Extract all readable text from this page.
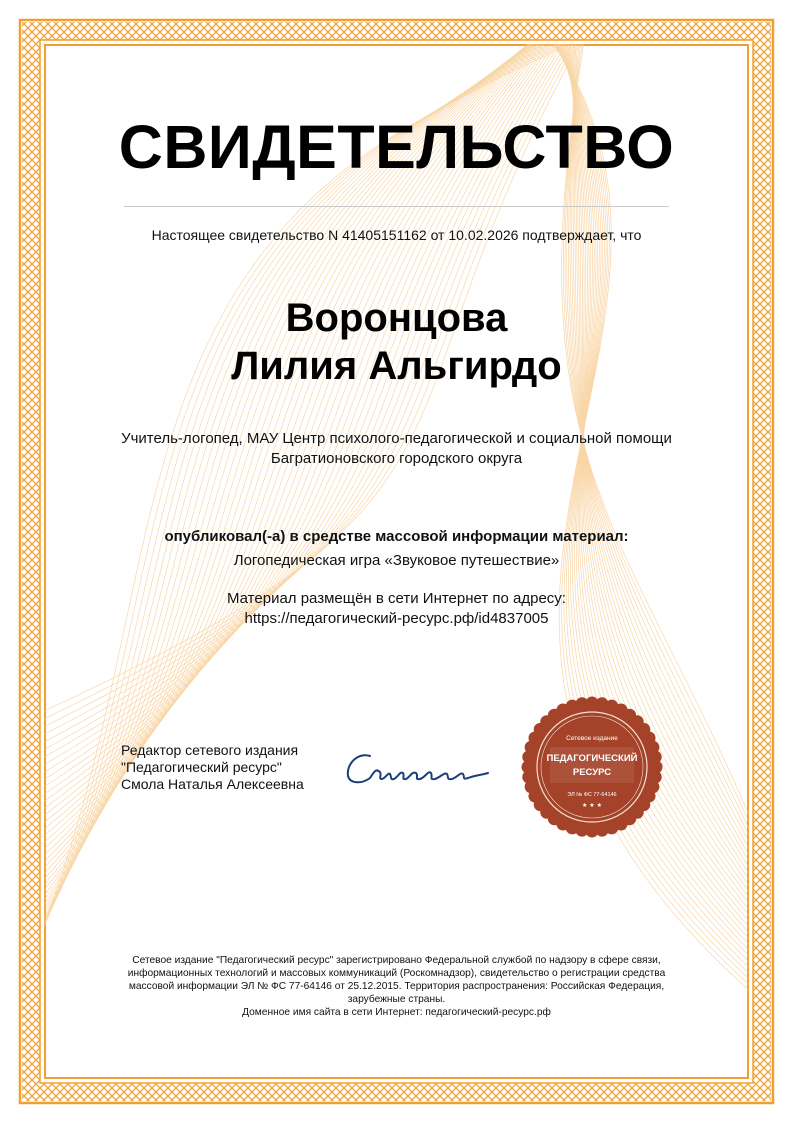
СВИДЕТЕЛЬСТВО
Настоящее свидетельство N 41405151162 от 10.02.2026 подтверждает, что
Воронцова
Лилия Альгирдо
Учитель-логопед, МАУ Центр психолого-педагогической и социальной помощи Багратионовского городского округа
опубликовал(-а) в средстве массовой информации материал:
Логопедическая игра «Звуковое путешествие»
Материал размещён в сети Интернет по адресу:
https://педагогический-ресурс.рф/id4837005
Редактор сетевого издания
"Педагогический ресурс"
Смола Наталья Алексеевна
Сетевое издание
ПЕДАГОГИЧЕСКИЙ
РЕСУРС
ЭЛ № ФС 77-64146
★ ★ ★
Сетевое издание "Педагогический ресурс" зарегистрировано Федеральной службой по надзору в сфере связи, информационных технологий и массовых коммуникаций (Роскомнадзор), свидетельство о регистрации средства массовой информации ЭЛ № ФС 77-64146 от 25.12.2015. Территория распространения: Российская Федерация, зарубежные страны.
Доменное имя сайта в сети Интернет: педагогический-ресурс.рф
